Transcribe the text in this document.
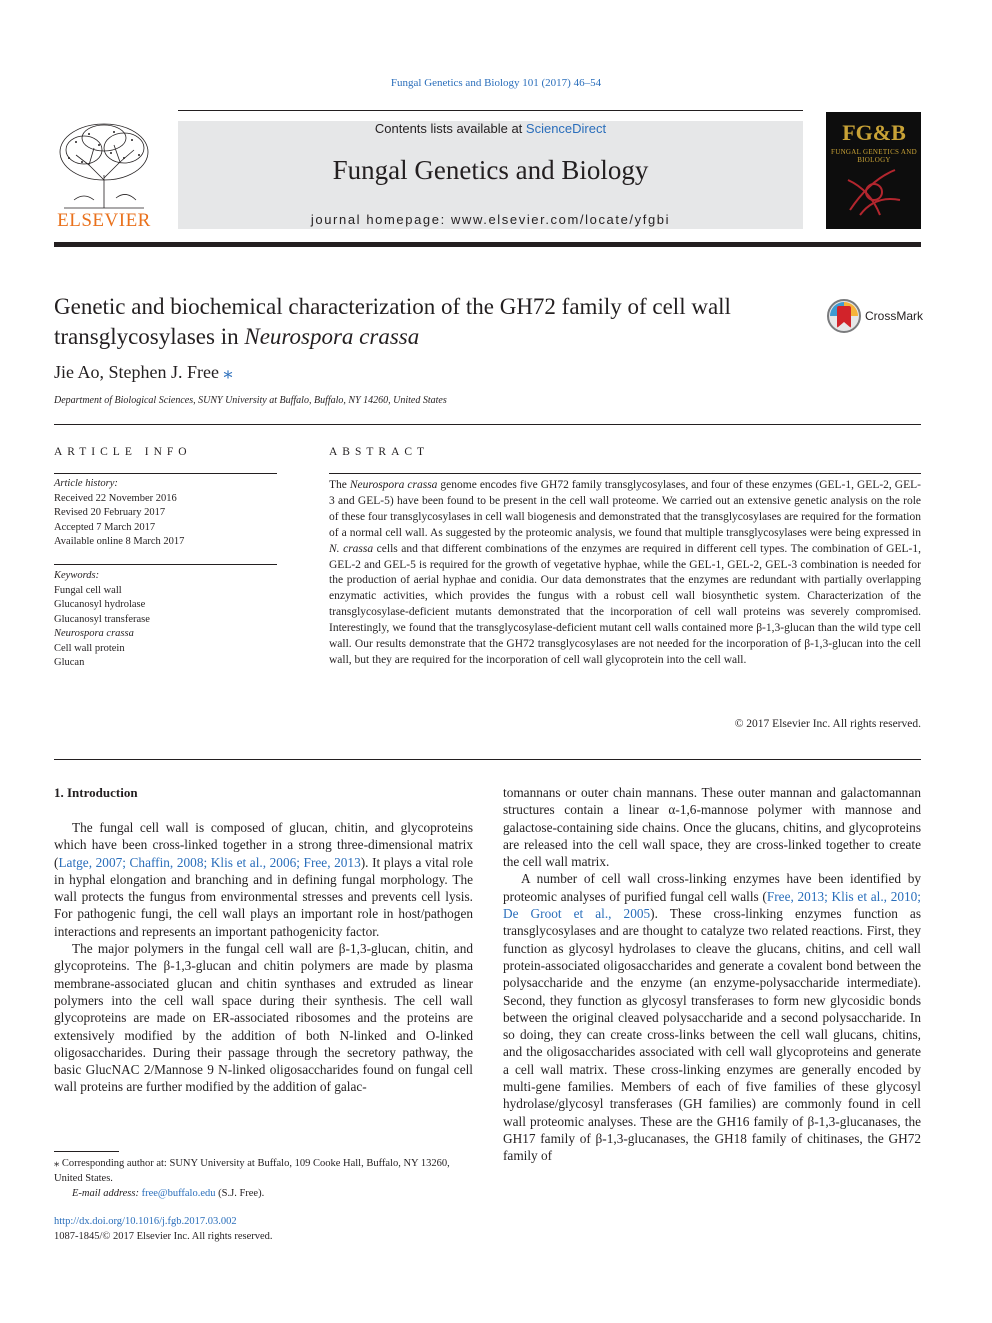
Fungal Genetics and Biology 101 (2017) 46–54
ELSEVIER
Contents lists available at ScienceDirect
Fungal Genetics and Biology
journal homepage: www.elsevier.com/locate/yfgbi
FG&B
FUNGAL GENETICS AND BIOLOGY
Genetic and biochemical characterization of the GH72 family of cell wall
transglycosylases in Neurospora crassa
CrossMark
Jie Ao, Stephen J. Free ⁎
Department of Biological Sciences, SUNY University at Buffalo, Buffalo, NY 14260, United States
ARTICLE INFO	ABSTRACT
Article history:
Received 22 November 2016
Revised 20 February 2017
Accepted 7 March 2017
Available online 8 March 2017
Keywords:
Fungal cell wall
Glucanosyl hydrolase
Glucanosyl transferase
Neurospora crassa
Cell wall protein
Glucan
The Neurospora crassa genome encodes five GH72 family transglycosylases, and four of these enzymes (GEL-1, GEL-2, GEL-3 and GEL-5) have been found to be present in the cell wall proteome. We carried out an extensive genetic analysis on the role of these four transglycosylases in cell wall biogenesis and demonstrated that the transglycosylases are required for the formation of a normal cell wall. As suggested by the proteomic analysis, we found that multiple transglycosylases were being expressed in N. crassa cells and that different combinations of the enzymes are required in different cell types. The combination of GEL-1, GEL-2 and GEL-5 is required for the growth of vegetative hyphae, while the GEL-1, GEL-2, GEL-3 combination is needed for the production of aerial hyphae and conidia. Our data demonstrates that the enzymes are redundant with partially overlapping enzymatic activities, which provides the fungus with a robust cell wall biosynthetic system. Characterization of the transglycosylase-deficient mutants demonstrated that the incorporation of cell wall proteins was severely compromised. Interestingly, we found that the transglycosylase-deficient mutant cell walls contained more β-1,3-glucan than the wild type cell wall. Our results demonstrate that the GH72 transglycosylases are not needed for the incorporation of β-1,3-glucan into the cell wall, but they are required for the incorporation of cell wall glycoprotein into the cell wall.
© 2017 Elsevier Inc. All rights reserved.
1. Introduction

The fungal cell wall is composed of glucan, chitin, and glycoproteins which have been cross-linked together in a strong three-dimensional matrix (Latge, 2007; Chaffin, 2008; Klis et al., 2006; Free, 2013). It plays a vital role in hyphal elongation and branching and in defining fungal morphology. The wall protects the fungus from environmental stresses and prevents cell lysis. For pathogenic fungi, the cell wall plays an important role in host/pathogen interactions and represents an important pathogenicity factor.

The major polymers in the fungal cell wall are β-1,3-glucan, chitin, and glycoproteins. The β-1,3-glucan and chitin polymers are made by plasma membrane-associated glucan and chitin synthases and extruded as linear polymers into the cell wall space during their synthesis. The cell wall glycoproteins are made on ER-associated ribosomes and the proteins are extensively modified by the addition of both N-linked and O-linked oligosaccharides. During their passage through the secretory pathway, the basic GlucNAC 2/Mannose 9 N-linked oligosaccharides found on fungal cell wall proteins are further modified by the addition of galac-

tomannans or outer chain mannans. These outer mannan and galactomannan structures contain a linear α-1,6-mannose polymer with mannose and galactose-containing side chains. Once the glucans, chitins, and glycoproteins are released into the cell wall space, they are cross-linked together to create the cell wall matrix.

A number of cell wall cross-linking enzymes have been identified by proteomic analyses of purified fungal cell walls (Free, 2013; Klis et al., 2010; De Groot et al., 2005). These cross-linking enzymes function as transglycosylases and are thought to catalyze two related reactions. First, they function as glycosyl hydrolases to cleave the glucans, chitins, and cell wall protein-associated oligosaccharides and generate a covalent bond between the polysaccharide and the enzyme (an enzyme-polysaccharide intermediate). Second, they function as glycosyl transferases to form new glycosidic bonds between the original cleaved polysaccharide and a second polysaccharide. In so doing, they can create cross-links between the cell wall glucans, chitins, and the oligosaccharides associated with cell wall glycoproteins and generate a cell wall matrix. These cross-linking enzymes are generally encoded by multi-gene families. Members of each of five families of these glycosyl hydrolase/glycosyl transferases (GH families) are commonly found in cell wall proteomic analyses. These are the GH16 family of β-1,3-glucanases, the GH17 family of β-1,3-glucanases, the GH18 family of chitinases, the GH72 family of

⁎ Corresponding author at: SUNY University at Buffalo, 109 Cooke Hall, Buffalo, NY 13260, United States.
E-mail address: free@buffalo.edu (S.J. Free).
http://dx.doi.org/10.1016/j.fgb.2017.03.002
1087-1845/© 2017 Elsevier Inc. All rights reserved.
